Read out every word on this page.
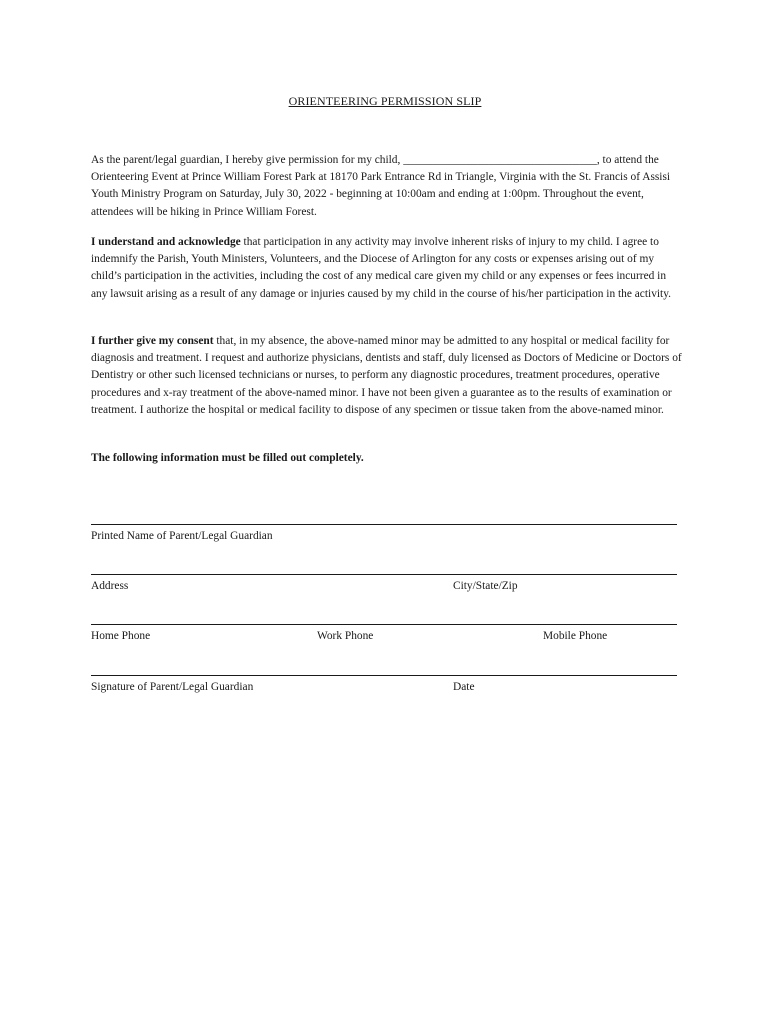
ORIENTEERING PERMISSION SLIP

As the parent/legal guardian, I hereby give permission for my child, __________________________________, to attend the Orienteering Event at Prince William Forest Park at 18170 Park Entrance Rd in Triangle, Virginia with the St. Francis of Assisi Youth Ministry Program on Saturday, July 30, 2022 - beginning at 10:00am and ending at 1:00pm. Throughout the event, attendees will be hiking in Prince William Forest.

I understand and acknowledge that participation in any activity may involve inherent risks of injury to my child. I agree to indemnify the Parish, Youth Ministers, Volunteers, and the Diocese of Arlington for any costs or expenses arising out of my child’s participation in the activities, including the cost of any medical care given my child or any expenses or fees incurred in any lawsuit arising as a result of any damage or injuries caused by my child in the course of his/her participation in the activity.

I further give my consent that, in my absence, the above-named minor may be admitted to any hospital or medical facility for diagnosis and treatment. I request and authorize physicians, dentists and staff, duly licensed as Doctors of Medicine or Doctors of Dentistry or other such licensed technicians or nurses, to perform any diagnostic procedures, treatment procedures, operative procedures and x-ray treatment of the above-named minor. I have not been given a guarantee as to the results of examination or treatment. I authorize the hospital or medical facility to dispose of any specimen or tissue taken from the above-named minor.

The following information must be filled out completely.

Printed Name of Parent/Legal Guardian
Address	City/State/Zip
Home Phone	Work Phone	Mobile Phone
Signature of Parent/Legal Guardian	Date
